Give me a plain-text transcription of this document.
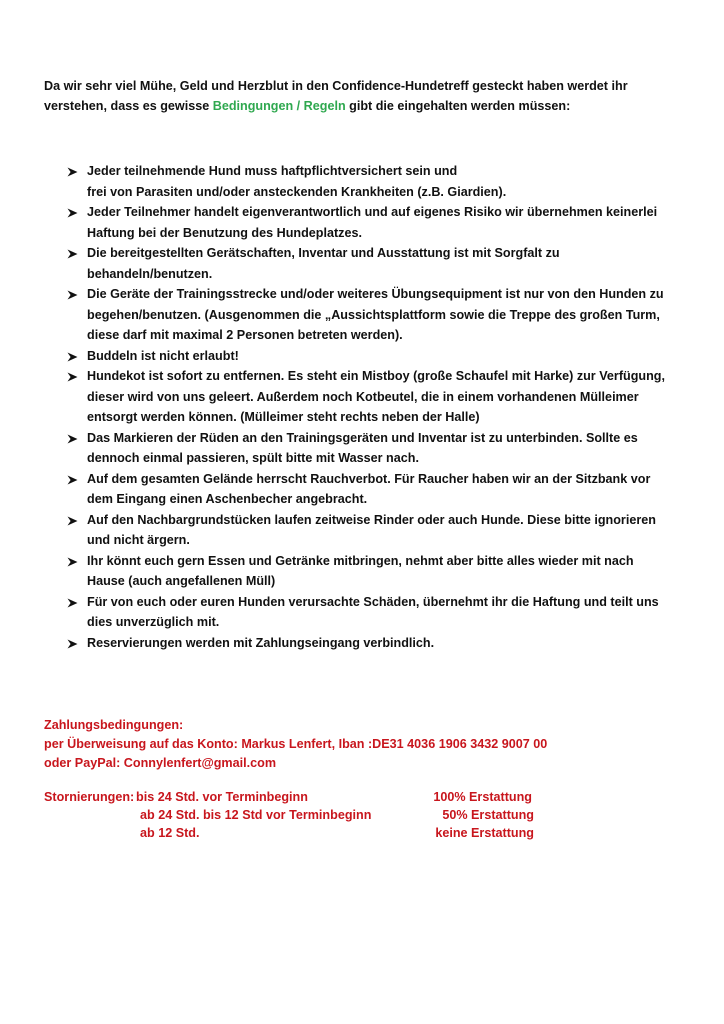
Da wir sehr viel Mühe, Geld und Herzblut in den Confidence-Hundetreff gesteckt haben werdet ihr verstehen, dass es gewisse Bedingungen / Regeln gibt die eingehalten werden müssen:
Jeder teilnehmende Hund muss haftpflichtversichert sein und
frei von Parasiten und/oder ansteckenden Krankheiten (z.B. Giardien).
Jeder Teilnehmer handelt eigenverantwortlich und auf eigenes Risiko wir übernehmen keinerlei
Haftung bei der Benutzung des Hundeplatzes.
Die bereitgestellten Gerätschaften, Inventar und Ausstattung ist mit Sorgfalt zu
behandeln/benutzen.
Die Geräte der Trainingsstrecke und/oder weiteres Übungsequipment ist nur von den Hunden zu
begehen/benutzen. (Ausgenommen die „Aussichtsplattform sowie die Treppe des großen Turm,
diese darf mit maximal 2 Personen betreten werden).
Buddeln ist nicht erlaubt!
Hundekot ist sofort zu entfernen. Es steht ein Mistboy (große Schaufel mit Harke) zur Verfügung,
dieser wird von uns geleert. Außerdem noch Kotbeutel, die in einem vorhandenen Mülleimer
entsorgt werden können. (Mülleimer steht rechts neben der Halle)
Das Markieren der Rüden an den Trainingsgeräten und Inventar ist zu unterbinden. Sollte es
dennoch einmal passieren, spült bitte mit Wasser nach.
Auf dem gesamten Gelände herrscht Rauchverbot. Für Raucher haben wir an der Sitzbank vor
dem Eingang einen Aschenbecher angebracht.
Auf den Nachbargrundstücken laufen zeitweise Rinder oder auch Hunde. Diese bitte ignorieren
und nicht ärgern.
Ihr könnt euch gern Essen und Getränke mitbringen, nehmt aber bitte alles wieder mit nach
Hause (auch angefallenen Müll)
Für von euch oder euren Hunden verursachte Schäden, übernehmt ihr die Haftung und teilt uns
dies unverzüglich mit.
Reservierungen werden mit Zahlungseingang verbindlich.
Zahlungsbedingungen:
per Überweisung auf das Konto: Markus Lenfert, Iban :DE31 4036 1906 3432 9007 00
oder PayPal: Connylenfert@gmail.com
Stornierungen: bis 24 Std. vor Terminbeginn	100% Erstattung
ab 24 Std. bis 12 Std vor Terminbeginn	50% Erstattung
ab 12 Std.	keine Erstattung
